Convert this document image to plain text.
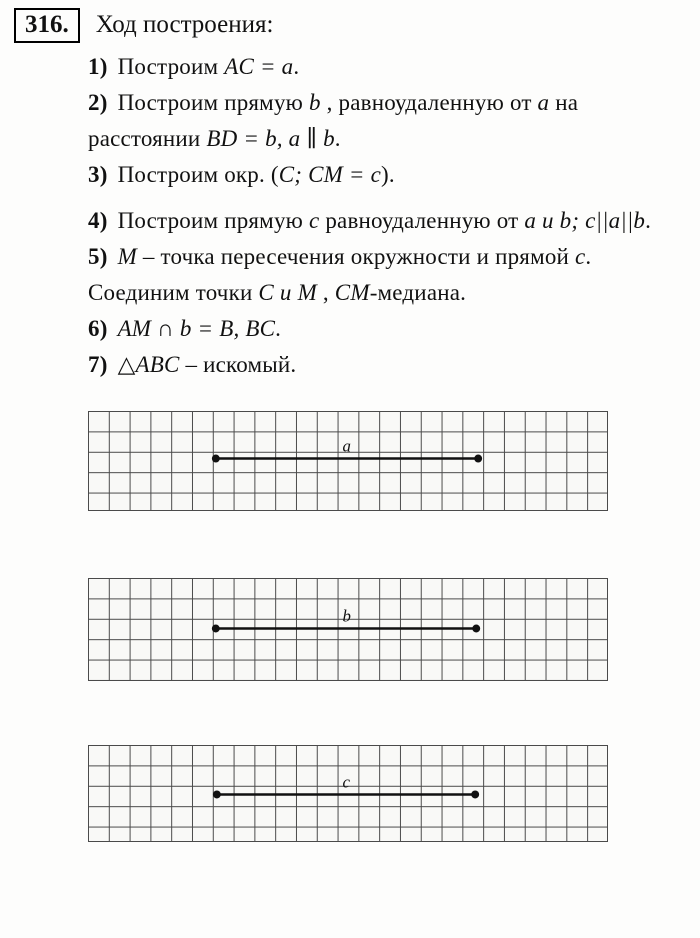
316.	Ход построения:
1) Построим AC = a.
2) Построим прямую b , равноудаленную от a на расстоянии BD = b, a ∥ b.
3) Построим окр. (C; CM = c).
4) Построим прямую c равноудаленную от a и b; c||a||b.
5) M – точка пересечения окружности и прямой c.
Соединим точки C и M , CM-медиана.
6) AM ∩ b = B, BC.
7) △ABC – искомый.
a
b
c
